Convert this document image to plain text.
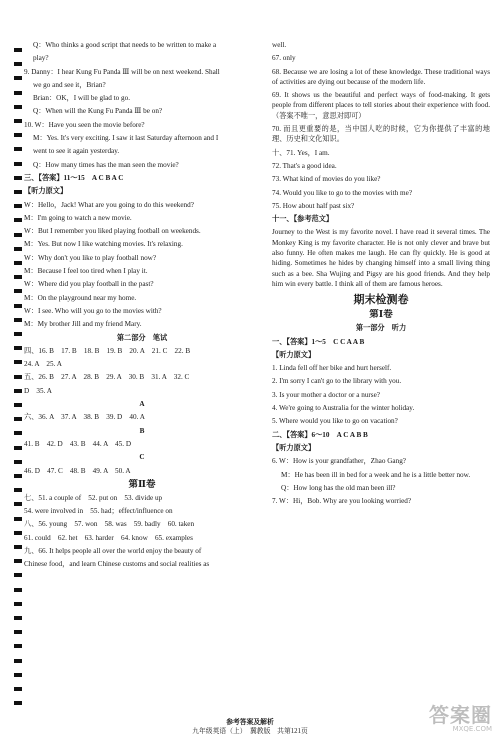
Q：Who thinks a good script that needs to be written to make a
play?
9. Danny：I hear Kung Fu Panda Ⅲ will be on next weekend. Shall
we go and see it，Brian?
Brian：OK，I will be glad to go.
Q：When will the Kung Fu Panda Ⅲ be on?
10. W：Have you seen the movie before?
M：Yes. It's very exciting. I saw it last Saturday afternoon and I
went to see it again yesterday.
Q：How many times has the man seen the movie?
三、【答案】11～15　A C B A C
【听力原文】
W：Hello，Jack! What are you going to do this weekend?
M：I'm going to watch a new movie.
W：But I remember you liked playing football on weekends.
M：Yes. But now I like watching movies. It's relaxing.
W：Why don't you like to play football now?
M：Because I feel too tired when I play it.
W：Where did you play football in the past?
M：On the playground near my home.
W：I see. Who will you go to the movies with?
M：My brother Jill and my friend Mary.
第二部分　笔试
四、16. B　17. B　18. B　19. B　20. A　21. C　22. B
24. A　25. A
五、26. B　27. A　28. B　29. A　30. B　31. A　32. C
D　35. A
A
六、36. A　37. A　38. B　39. D　40. A
B
41. B　42. D　43. B　44. A　45. D
C
46. D　47. C　48. B　49. A　50. A
第Ⅱ卷
七、51. a couple of　52. put on　53. divide up
54. were involved in　55. had；effect/influence on
八、56. young　57. won　58. was　59. badly　60. taken
61. could　62. het　63. harder　64. know　65. examples
九、66. It helps people all over the world enjoy the beauty of
Chinese food，and learn Chinese customs and social realities as
well.
67. only
68. Because we are losing a lot of these knowledge. These traditional ways of activities are dying out because of the modern life.
69. It shows us the beautiful and perfect ways of food-making. It gets people from different places to tell stories about their experience with food.（答案不唯一，意思对即可）
70. 而且更重要的是，当中国人吃的时候，它为你提供了丰富的地理、历史和文化知识。
十、71. Yes，I am.
72. That's a good idea.
73. What kind of movies do you like?
74. Would you like to go to the movies with me?
75. How about half past six?
十一、【参考范文】
Journey to the West is my favorite novel. I have read it several times. The Monkey King is my favorite character. He is not only clever and brave but also funny. He often makes me laugh. He can fly quickly. He is good at hiding. Sometimes he hides by changing himself into a small living thing such as a bee. Sha Wujing and Pigsy are his good friends. And they help him win every battle. I think all of them are famous heroes.
期末检测卷
第Ⅰ卷
第一部分　听力
一、【答案】1～5　C C A A B
【听力原文】
1. Linda fell off her bike and hurt herself.
2. I'm sorry I can't go to the library with you.
3. Is your mother a doctor or a nurse?
4. We're going to Australia for the winter holiday.
5. Where would you like to go on vacation?
二、【答案】6～10　A C A B B
【听力原文】
6. W：How is your grandfather，Zhao Gang?
M：He has been ill in bed for a week and he is a little better now.
Q：How long has the old man been ill?
7. W：Hi，Bob. Why are you looking worried?
参考答案及解析
九年级英语（上）　冀教版　共第121页
答案圈
MXQE.COM
